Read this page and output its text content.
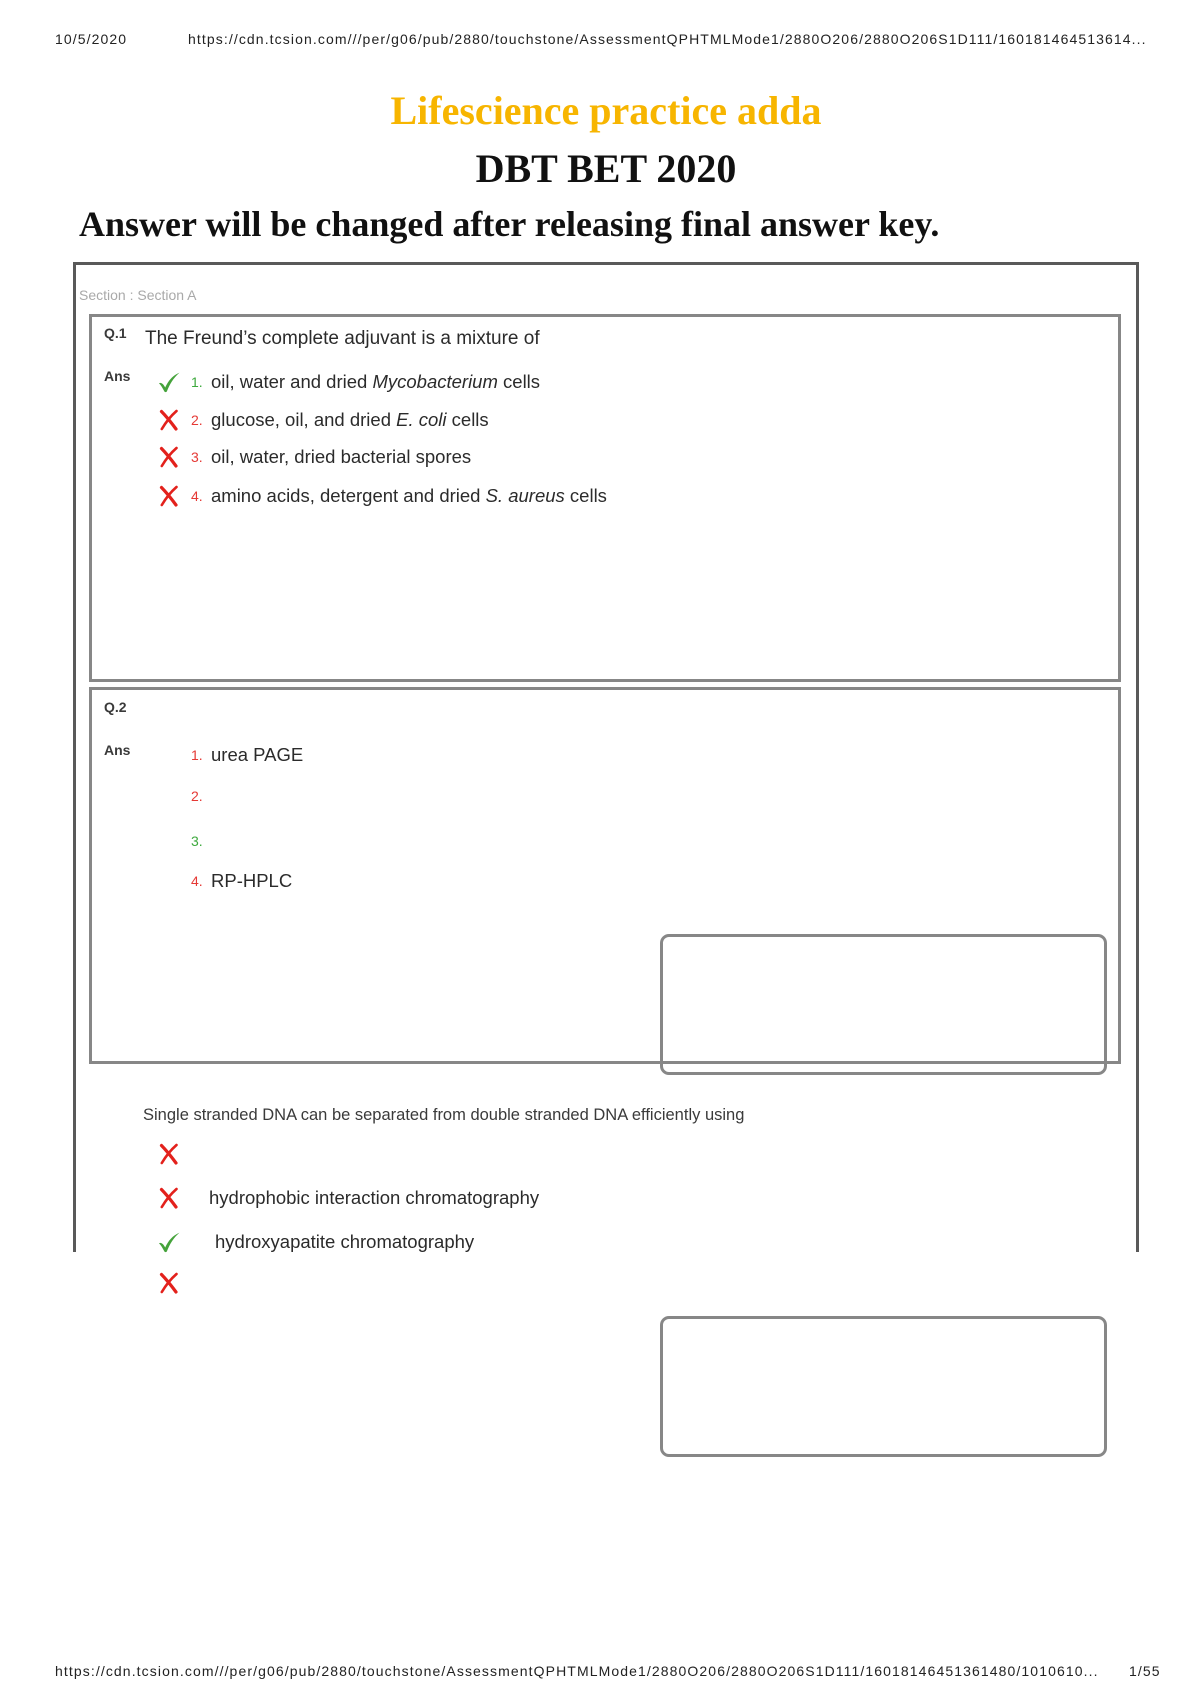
10/5/2020	https://cdn.tcsion.com///per/g06/pub/2880/touchstone/AssessmentQPHTMLMode1/2880O206/2880O206S1D111/160181464513614...
Lifescience practice adda
DBT BET 2020
Answer will be changed after releasing final answer key.
Section : Section A
Q.1 The Freund’s complete adjuvant is a mixture of
Ans	1. oil, water and dried Mycobacterium cells
2. glucose, oil, and dried E. coli cells
3. oil, water, dried bacterial spores
4. amino acids, detergent and dried S. aureus cells
Q.2
Ans	1. urea PAGE
2.
3.
4. RP-HPLC
Single stranded DNA can be separated from double stranded DNA efficiently using
hydrophobic interaction chromatography
hydroxyapatite chromatography
https://cdn.tcsion.com///per/g06/pub/2880/touchstone/AssessmentQPHTMLMode1/2880O206/2880O206S1D111/16018146451361480/1010610...	1/55
